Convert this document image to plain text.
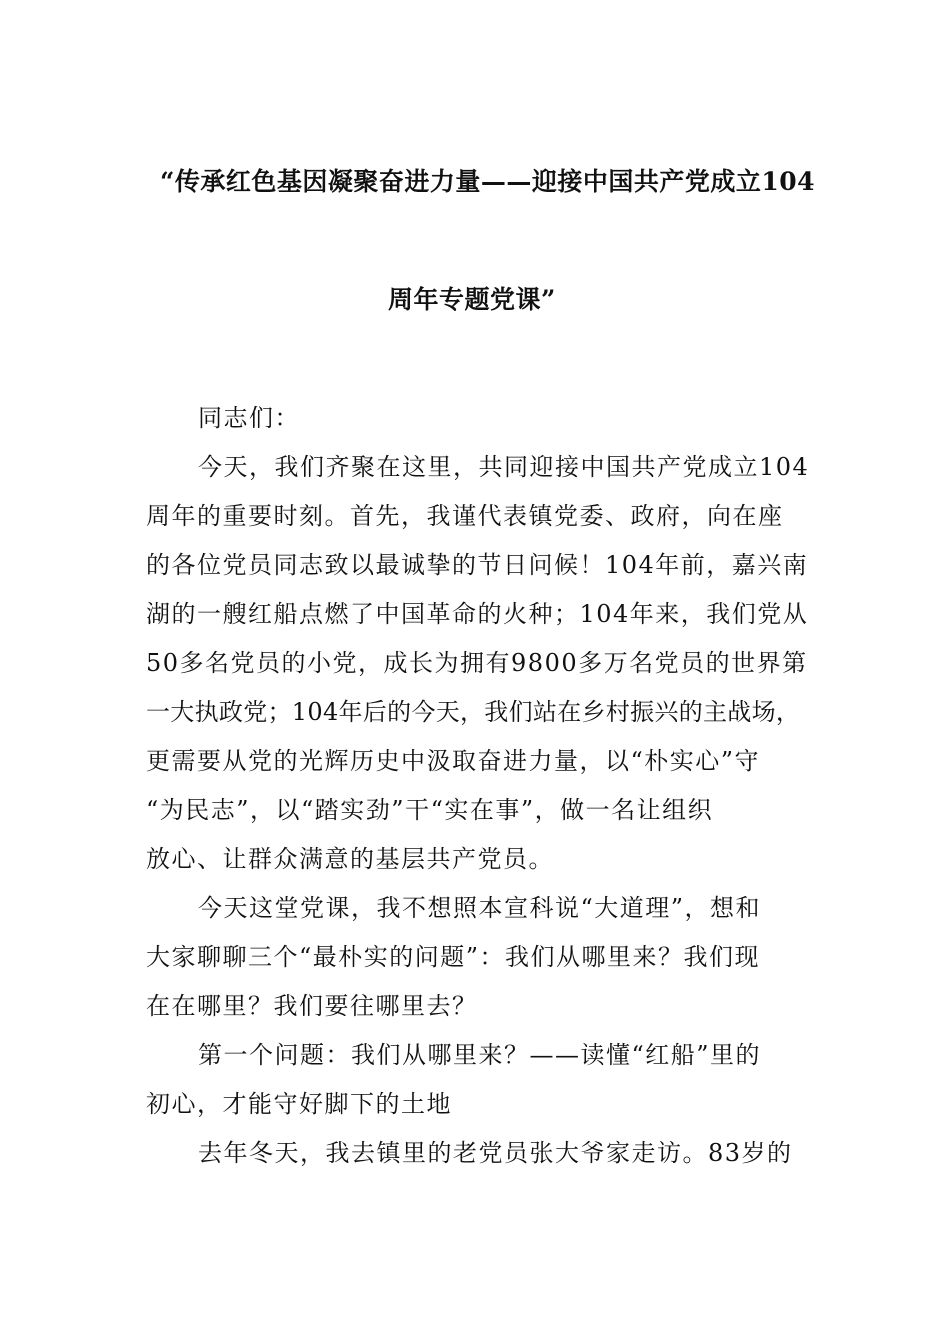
“传承红色基因凝聚奋进力量——迎接中国共产党成立104
周年专题党课”
同志们：
今天，我们齐聚在这里，共同迎接中国共产党成立104
周年的重要时刻。首先，我谨代表镇党委、政府，向在座
的各位党员同志致以最诚挚的节日问候！104年前，嘉兴南
湖的一艘红船点燃了中国革命的火种；104年来，我们党从
50多名党员的小党，成长为拥有9800多万名党员的世界第
一大执政党；104年后的今天，我们站在乡村振兴的主战场，
更需要从党的光辉历史中汲取奋进力量，以“朴实心”守
“为民志”，以“踏实劲”干“实在事”，做一名让组织
放心、让群众满意的基层共产党员。
今天这堂党课，我不想照本宣科说“大道理”，想和
大家聊聊三个“最朴实的问题”：我们从哪里来？我们现
在在哪里？我们要往哪里去？
第一个问题：我们从哪里来？——读懂“红船”里的
初心，才能守好脚下的土地
去年冬天，我去镇里的老党员张大爷家走访。83岁的
